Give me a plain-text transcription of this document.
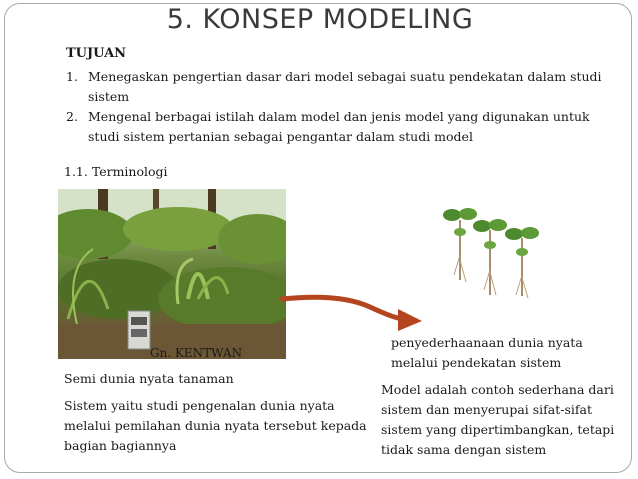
5. KONSEP MODELING
TUJUAN
1. Menegaskan pengertian dasar dari model sebagai suatu pendekatan dalam studi sistem
2. Mengenal berbagai istilah dalam model dan jenis model yang digunakan untuk studi sistem pertanian sebagai pengantar dalam studi model
1.1. Terminologi
Gn. KENTWAN
penyederhaanaan dunia nyata melalui pendekatan sistem
Semi dunia nyata tanaman
Sistem yaitu studi pengenalan dunia nyata melalui pemilahan dunia nyata tersebut kepada bagian bagiannya
Model adalah contoh sederhana dari sistem dan menyerupai sifat-sifat sistem yang dipertimbangkan, tetapi tidak sama dengan sistem
